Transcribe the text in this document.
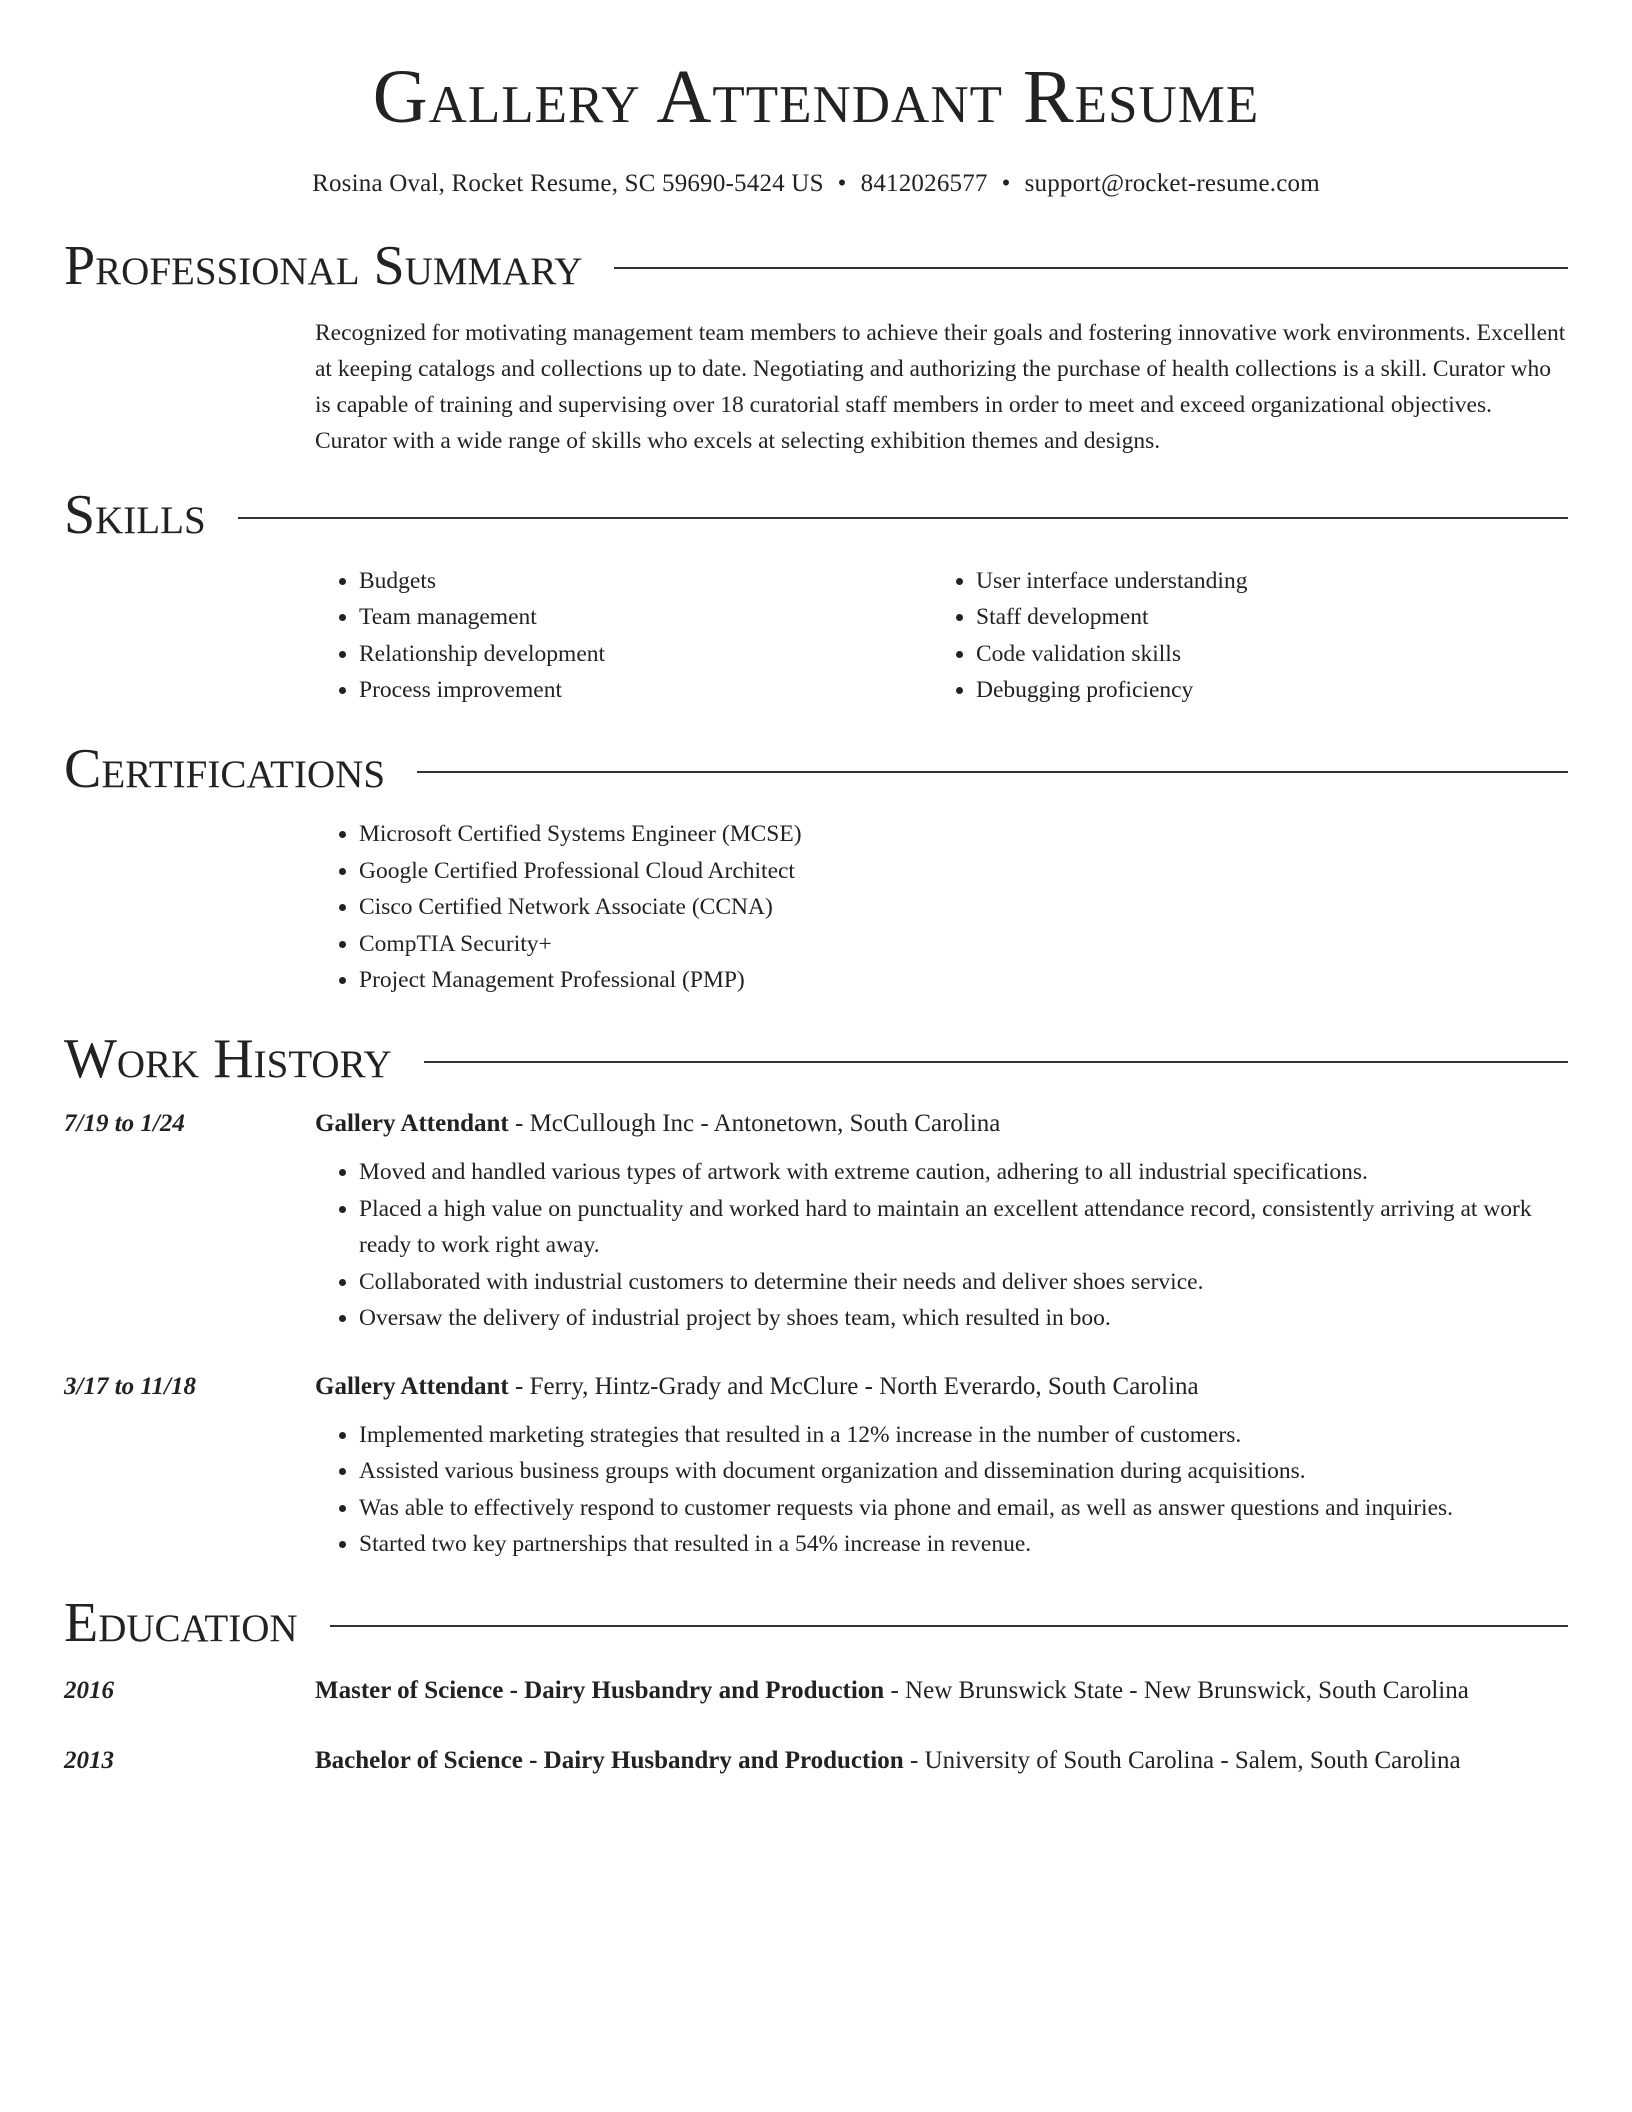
Gallery Attendant Resume
Rosina Oval, Rocket Resume, SC 59690-5424 US • 8412026577 • support@rocket-resume.com
Professional Summary
Recognized for motivating management team members to achieve their goals and fostering innovative work environments. Excellent at keeping catalogs and collections up to date. Negotiating and authorizing the purchase of health collections is a skill. Curator who is capable of training and supervising over 18 curatorial staff members in order to meet and exceed organizational objectives. Curator with a wide range of skills who excels at selecting exhibition themes and designs.
Skills
• Budgets
• Team management
• Relationship development
• Process improvement
• User interface understanding
• Staff development
• Code validation skills
• Debugging proficiency
Certifications
• Microsoft Certified Systems Engineer (MCSE)
• Google Certified Professional Cloud Architect
• Cisco Certified Network Associate (CCNA)
• CompTIA Security+
• Project Management Professional (PMP)
Work History
7/19 to 1/24	Gallery Attendant - McCullough Inc - Antonetown, South Carolina
• Moved and handled various types of artwork with extreme caution, adhering to all industrial specifications.
• Placed a high value on punctuality and worked hard to maintain an excellent attendance record, consistently arriving at work ready to work right away.
• Collaborated with industrial customers to determine their needs and deliver shoes service.
• Oversaw the delivery of industrial project by shoes team, which resulted in boo.
3/17 to 11/18	Gallery Attendant - Ferry, Hintz-Grady and McClure - North Everardo, South Carolina
• Implemented marketing strategies that resulted in a 12% increase in the number of customers.
• Assisted various business groups with document organization and dissemination during acquisitions.
• Was able to effectively respond to customer requests via phone and email, as well as answer questions and inquiries.
• Started two key partnerships that resulted in a 54% increase in revenue.
Education
2016	Master of Science - Dairy Husbandry and Production - New Brunswick State - New Brunswick, South Carolina
2013	Bachelor of Science - Dairy Husbandry and Production - University of South Carolina - Salem, South Carolina
